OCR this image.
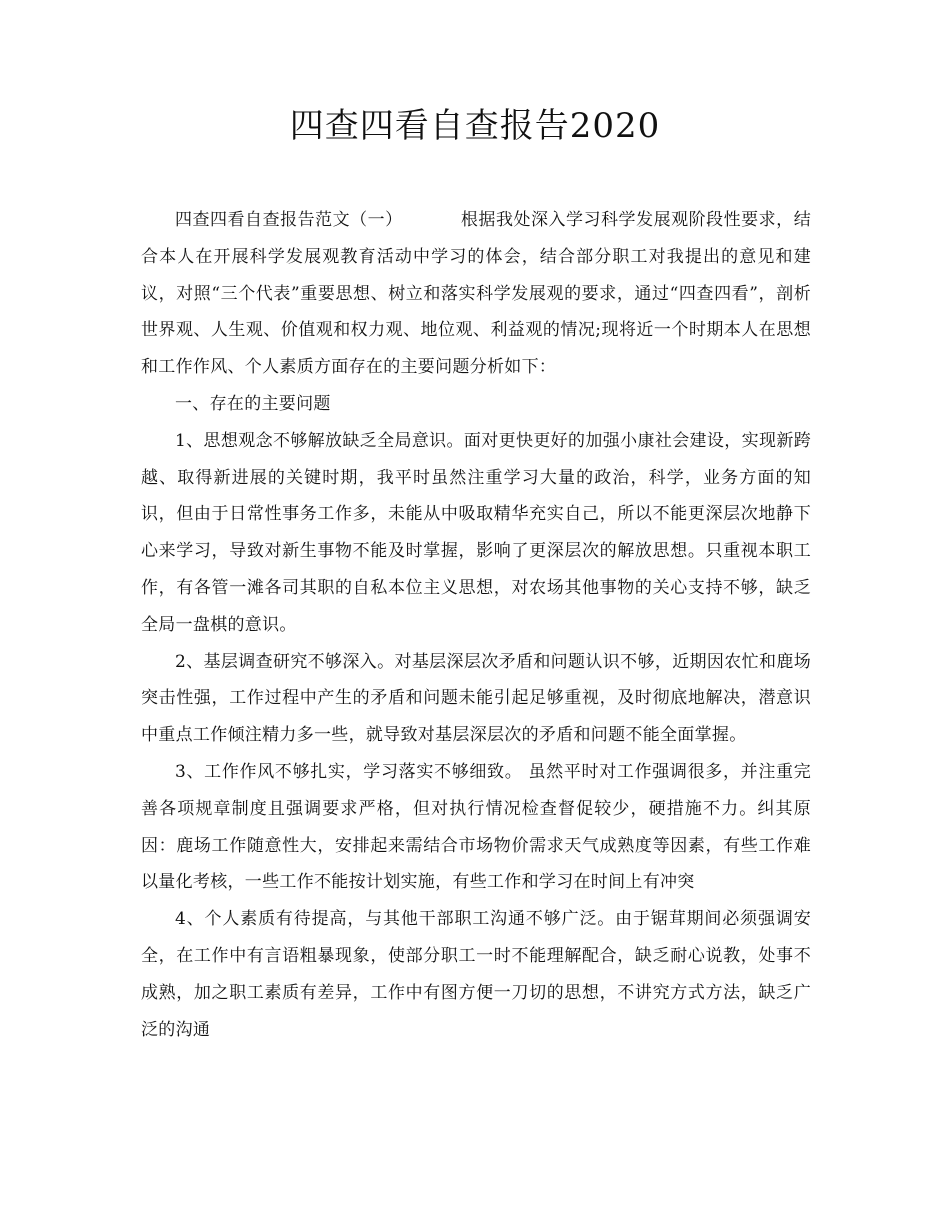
四查四看自查报告2020

四查四看自查报告范文（一）	根据我处深入学习科学发展观阶段性要求，结合本人在开展科学发展观教育活动中学习的体会，结合部分职工对我提出的意见和建议，对照“三个代表”重要思想、树立和落实科学发展观的要求，通过“四查四看”，剖析世界观、人生观、价值观和权力观、地位观、利益观的情况;现将近一个时期本人在思想和工作作风、个人素质方面存在的主要问题分析如下：

一、存在的主要问题

1、思想观念不够解放缺乏全局意识。面对更快更好的加强小康社会建设，实现新跨越、取得新进展的关键时期，我平时虽然注重学习大量的政治，科学，业务方面的知识，但由于日常性事务工作多，未能从中吸取精华充实自己，所以不能更深层次地静下心来学习，导致对新生事物不能及时掌握，影响了更深层次的解放思想。只重视本职工作，有各管一滩各司其职的自私本位主义思想，对农场其他事物的关心支持不够，缺乏全局一盘棋的意识。

2、基层调查研究不够深入。对基层深层次矛盾和问题认识不够，近期因农忙和鹿场突击性强，工作过程中产生的矛盾和问题未能引起足够重视，及时彻底地解决，潜意识中重点工作倾注精力多一些，就导致对基层深层次的矛盾和问题不能全面掌握。

3、工作作风不够扎实，学习落实不够细致。 虽然平时对工作强调很多，并注重完善各项规章制度且强调要求严格，但对执行情况检查督促较少，硬措施不力。纠其原因：鹿场工作随意性大，安排起来需结合市场物价需求天气成熟度等因素，有些工作难以量化考核，一些工作不能按计划实施，有些工作和学习在时间上有冲突

4、个人素质有待提高，与其他干部职工沟通不够广泛。由于锯茸期间必须强调安全，在工作中有言语粗暴现象，使部分职工一时不能理解配合，缺乏耐心说教，处事不成熟，加之职工素质有差异，工作中有图方便一刀切的思想，不讲究方式方法，缺乏广泛的沟通
